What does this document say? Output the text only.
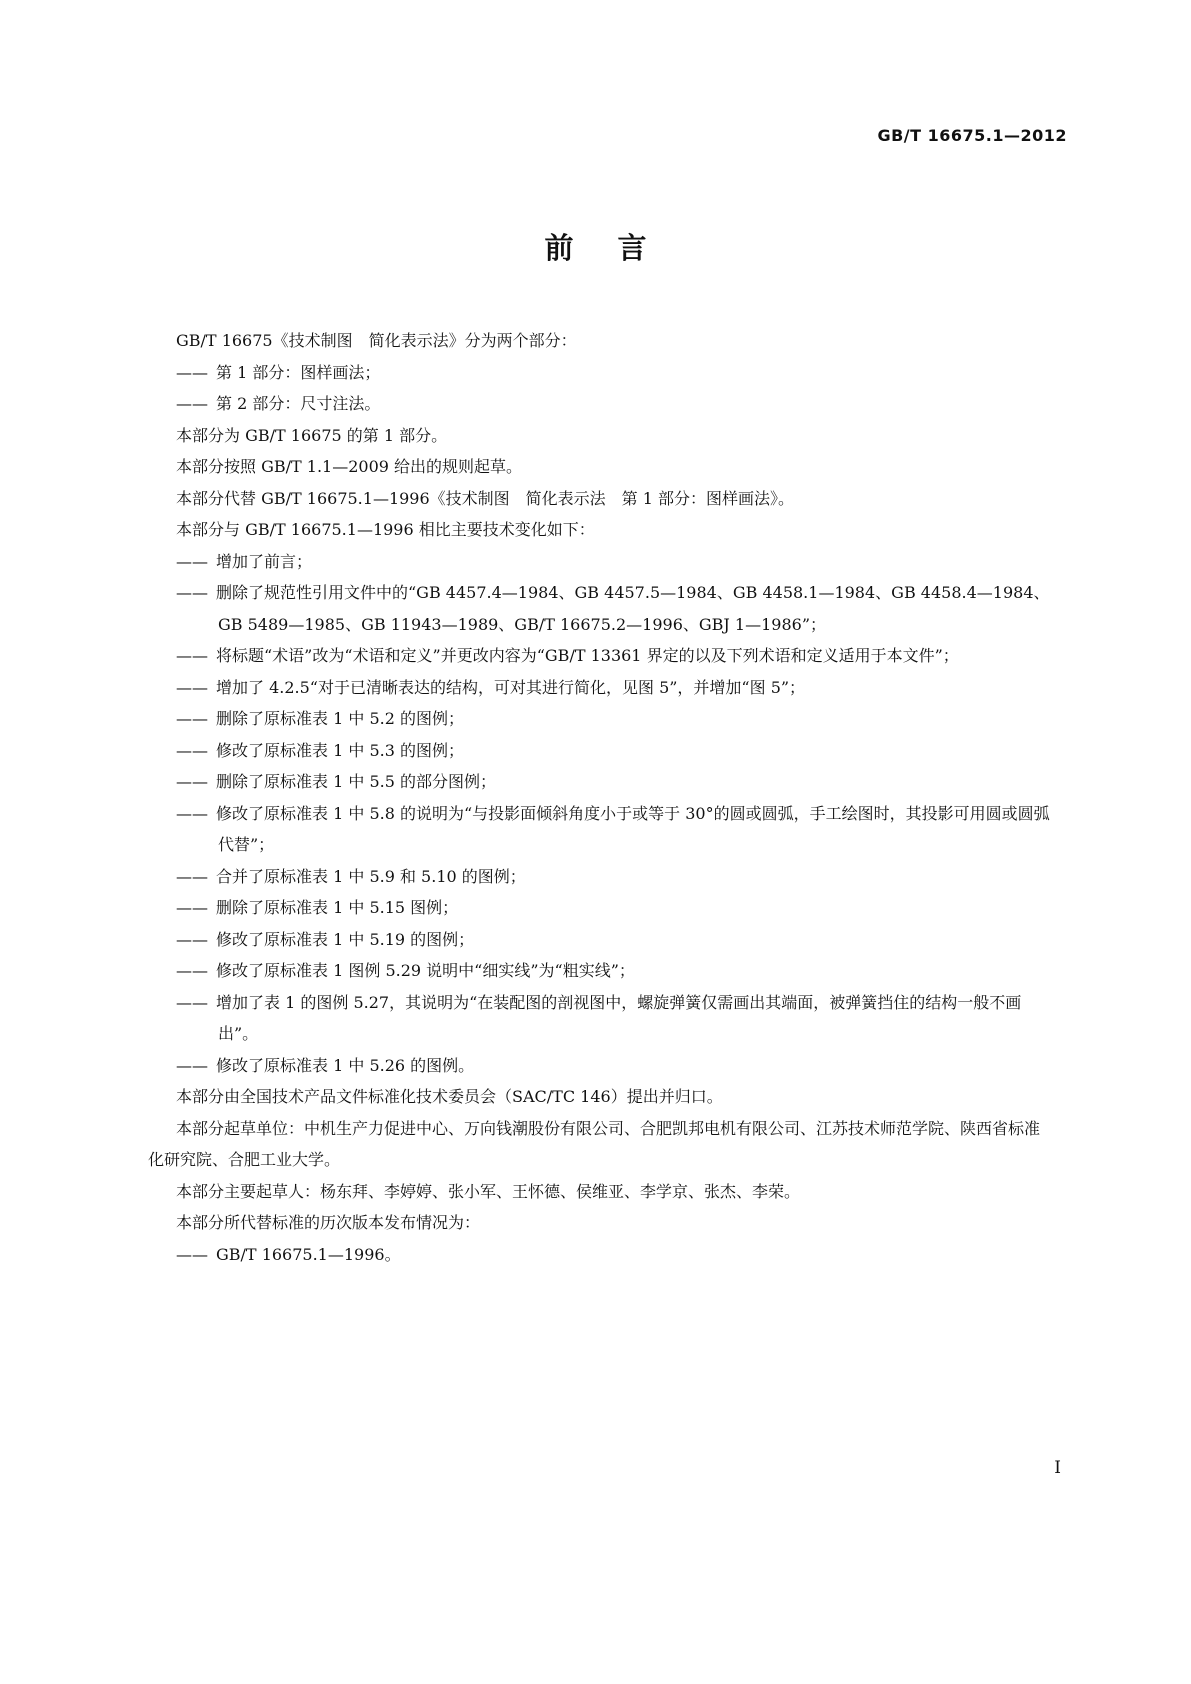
GB/T 16675.1—2012
前言

GB/T 16675《技术制图　简化表示法》分为两个部分：

—— 第 1 部分：图样画法；

—— 第 2 部分：尺寸注法。

本部分为 GB/T 16675 的第 1 部分。

本部分按照 GB/T 1.1—2009 给出的规则起草。

本部分代替 GB/T 16675.1—1996《技术制图　简化表示法　第 1 部分：图样画法》。

本部分与 GB/T 16675.1—1996 相比主要技术变化如下：

—— 增加了前言；

—— 删除了规范性引用文件中的“GB 4457.4—1984、GB 4457.5—1984、GB 4458.1—1984、GB 4458.4—1984、GB 5489—1985、GB 11943—1989、GB/T 16675.2—1996、GBJ 1—1986”；

—— 将标题“术语”改为“术语和定义”并更改内容为“GB/T 13361 界定的以及下列术语和定义适用于本文件”；

—— 增加了 4.2.5“对于已清晰表达的结构，可对其进行简化，见图 5”，并增加“图 5”；

—— 删除了原标准表 1 中 5.2 的图例；

—— 修改了原标准表 1 中 5.3 的图例；

—— 删除了原标准表 1 中 5.5 的部分图例；

—— 修改了原标准表 1 中 5.8 的说明为“与投影面倾斜角度小于或等于 30°的圆或圆弧，手工绘图时，其投影可用圆或圆弧代替”；

—— 合并了原标准表 1 中 5.9 和 5.10 的图例；

—— 删除了原标准表 1 中 5.15 图例；

—— 修改了原标准表 1 中 5.19 的图例；

—— 修改了原标准表 1 图例 5.29 说明中“细实线”为“粗实线”；

—— 增加了表 1 的图例 5.27，其说明为“在装配图的剖视图中，螺旋弹簧仅需画出其端面，被弹簧挡住的结构一般不画出”。

—— 修改了原标准表 1 中 5.26 的图例。

本部分由全国技术产品文件标准化技术委员会（SAC/TC 146）提出并归口。

本部分起草单位：中机生产力促进中心、万向钱潮股份有限公司、合肥凯邦电机有限公司、江苏技术师范学院、陕西省标准化研究院、合肥工业大学。

本部分主要起草人：杨东拜、李婷婷、张小军、王怀德、侯维亚、李学京、张杰、李荣。

本部分所代替标准的历次版本发布情况为：

—— GB/T 16675.1—1996。

I
